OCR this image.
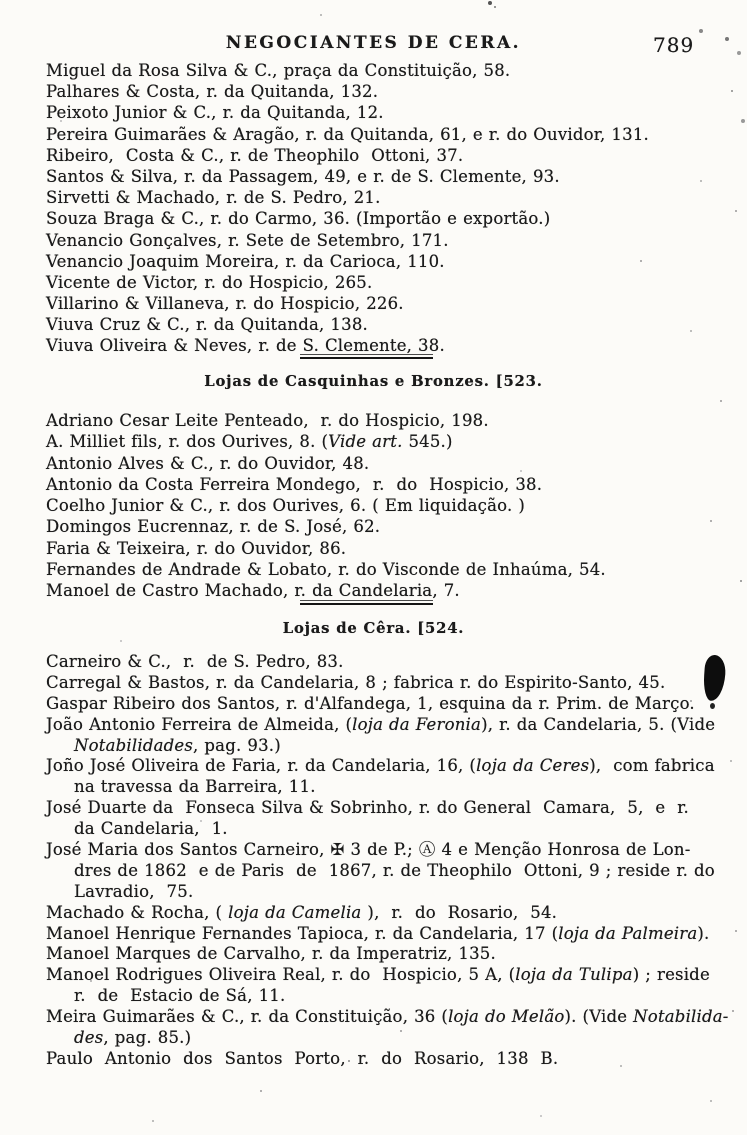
NEGOCIANTES DE CERA.	789
Miguel da Rosa Silva & C., praça da Constituição, 58.
Palhares & Costa, r. da Quitanda, 132.
Peixoto Junior & C., r. da Quitanda, 12.
Pereira Guimarães & Aragão, r. da Quitanda, 61, e r. do Ouvidor, 131.
Ribeiro,  Costa & C., r. de Theophilo  Ottoni, 37.
Santos & Silva, r. da Passagem, 49, e r. de S. Clemente, 93.
Sirvetti & Machado, r. de S. Pedro, 21.
Souza Braga & C., r. do Carmo, 36. (Importão e exportão.)
Venancio Gonçalves, r. Sete de Setembro, 171.
Venancio Joaquim Moreira, r. da Carioca, 110.
Vicente de Victor, r. do Hospicio, 265.
Villarino & Villaneva, r. do Hospicio, 226.
Viuva Cruz & C., r. da Quitanda, 138.
Viuva Oliveira & Neves, r. de S. Clemente, 38.
Lojas de Casquinhas e Bronzes. [523.
Adriano Cesar Leite Penteado,  r. do Hospicio, 198.
A. Milliet fils, r. dos Ourives, 8. (Vide art. 545.)
Antonio Alves & C., r. do Ouvidor, 48.
Antonio da Costa Ferreira Mondego,  r.  do  Hospicio, 38.
Coelho Junior & C., r. dos Ourives, 6. ( Em liquidação. )
Domingos Eucrennaz, r. de S. José, 62.
Faria & Teixeira, r. do Ouvidor, 86.
Fernandes de Andrade & Lobato, r. do Visconde de Inhaúma, 54.
Manoel de Castro Machado, r. da Candelaria, 7.
Lojas de Cêra. [524.
Carneiro & C.,  r.  de S. Pedro, 83.
Carregal & Bastos, r. da Candelaria, 8 ; fabrica r. do Espirito-Santo, 45.
Gaspar Ribeiro dos Santos, r. d'Alfandega, 1, esquina da r. Prim. de Março.
João Antonio Ferreira de Almeida, (loja da Feronia), r. da Candelaria, 5. (Vide
Notabilidades, pag. 93.)
Joño José Oliveira de Faria, r. da Candelaria, 16, (loja da Ceres),  com fabrica
na travessa da Barreira, 11.
José Duarte da  Fonseca Silva & Sobrinho, r. do General  Camara,  5,  e  r.
da Candelaria,  1.
José Maria dos Santos Carneiro, ✠ 3 de P.; Ⓐ 4 e Menção Honrosa de Lon-
dres de 1862  e de Paris  de  1867, r. de Theophilo  Ottoni, 9 ; reside r. do
Lavradio,  75.
Machado & Rocha, ( loja da Camelia ),  r.  do  Rosario,  54.
Manoel Henrique Fernandes Tapioca, r. da Candelaria, 17 (loja da Palmeira).
Manoel Marques de Carvalho, r. da Imperatriz, 135.
Manoel Rodrigues Oliveira Real, r. do  Hospicio, 5 A, (loja da Tulipa) ; reside
r.  de  Estacio de Sá, 11.
Meira Guimarães & C., r. da Constituição, 36 (loja do Melão). (Vide Notabilida-
des, pag. 85.)
Paulo  Antonio  dos  Santos  Porto,  r.  do  Rosario,  138  B.
